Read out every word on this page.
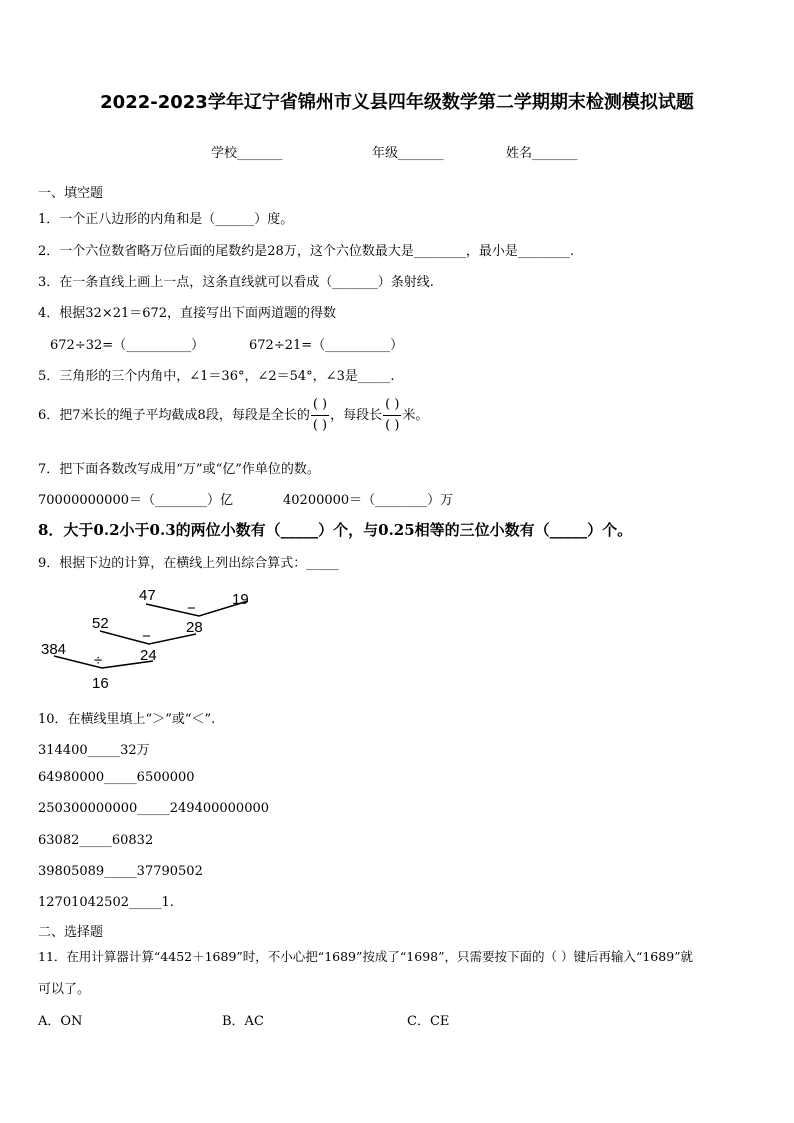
2022-2023学年辽宁省锦州市义县四年级数学第二学期期末检测模拟试题
学校_______	年级_______	姓名_______
一、填空题
1．一个正八边形的内角和是（______）度。
2．一个六位数省略万位后面的尾数约是28万，这个六位数最大是________，最小是________.
3．在一条直线上画上一点，这条直线就可以看成（_______）条射线.
4．根据32×21＝672，直接写出下面两道题的得数
672÷32=（__________）	672÷21=（__________）
5．三角形的三个内角中，∠1＝36°，∠2＝54°，∠3是_____.
6．把7米长的绳子平均截成8段，每段是全长的 $\frac{( )}{( )}$ ，每段长 $\frac{( )}{( )}$ 米。
7．把下面各数改写成用“万”或“亿”作单位的数。
70000000000＝（________）亿	40200000＝（________）万
8．大于0.2小于0.3的两位小数有（_____）个，与0.25相等的三位小数有（_____）个。
9．根据下边的计算，在横线上列出综合算式：_____
47	19
−
52	28
−
384
÷	24
16
10．在横线里填上“＞”或“＜”.
314400_____32万
64980000_____6500000
250300000000_____249400000000
63082_____60832
39805089_____37790502
12701042502_____1.
二、选择题
11．在用计算器计算“4452＋1689”时，不小心把“1689”按成了“1698”，只需要按下面的（ ）键后再输入“1689”就
可以了。
A．ON	B．AC	C．CE
